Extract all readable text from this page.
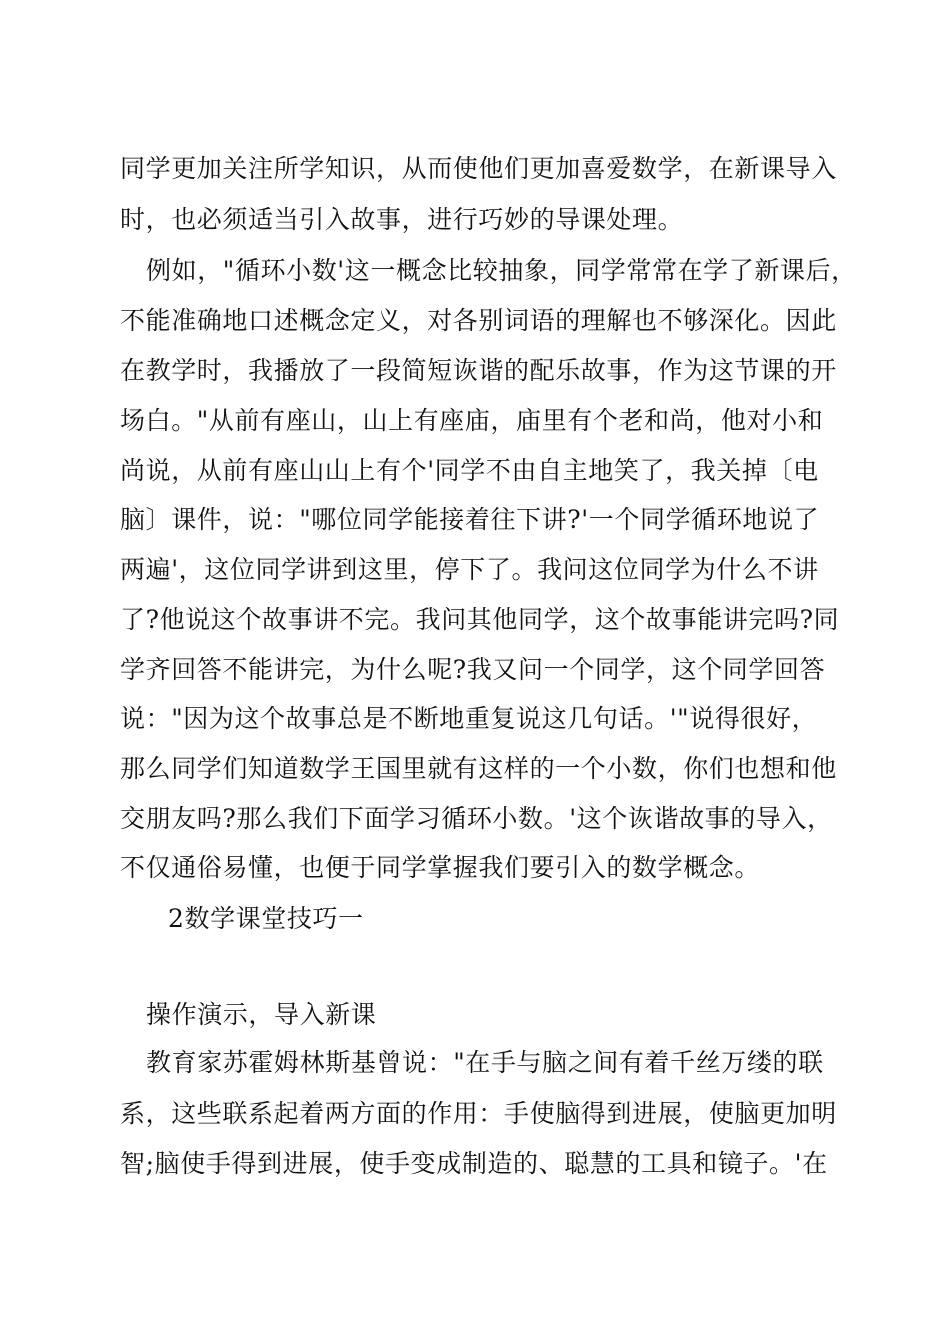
同学更加关注所学知识，从而使他们更加喜爱数学，在新课导入
时，也必须适当引入故事，进行巧妙的导课处理。
例如，"循环小数'这一概念比较抽象，同学常常在学了新课后，
不能准确地口述概念定义，对各别词语的理解也不够深化。因此
在教学时，我播放了一段简短诙谐的配乐故事，作为这节课的开
场白。"从前有座山，山上有座庙，庙里有个老和尚，他对小和
尚说，从前有座山山上有个'同学不由自主地笑了，我关掉〔电
脑〕课件，说："哪位同学能接着往下讲?'一个同学循环地说了
两遍'，这位同学讲到这里，停下了。我问这位同学为什么不讲
了?他说这个故事讲不完。我问其他同学，这个故事能讲完吗?同
学齐回答不能讲完，为什么呢?我又问一个同学，这个同学回答
说："因为这个故事总是不断地重复说这几句话。'"说得很好，
那么同学们知道数学王国里就有这样的一个小数，你们也想和他
交朋友吗?那么我们下面学习循环小数。'这个诙谐故事的导入，
不仅通俗易懂，也便于同学掌握我们要引入的数学概念。
2数学课堂技巧一
操作演示，导入新课
教育家苏霍姆林斯基曾说："在手与脑之间有着千丝万缕的联
系，这些联系起着两方面的作用：手使脑得到进展，使脑更加明
智;脑使手得到进展，使手变成制造的、聪慧的工具和镜子。'在
